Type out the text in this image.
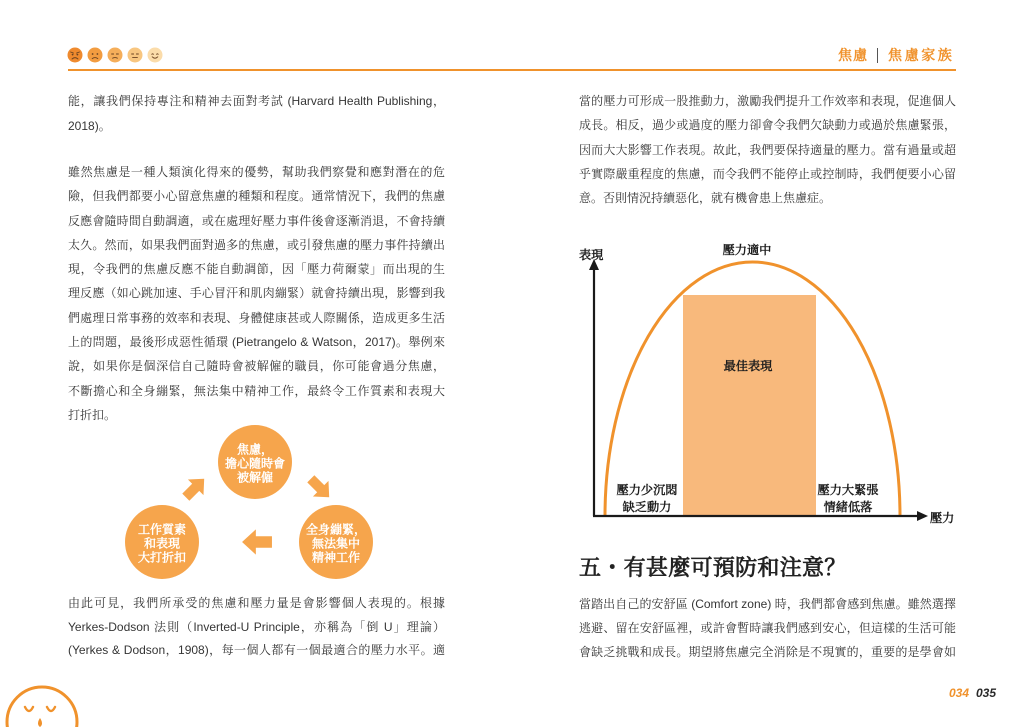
焦慮 焦慮家族
能，讓我們保持專注和精神去面對考試 (Harvard Health Publishing，
2018)。
雖然焦慮是一種人類演化得來的優勢，幫助我們察覺和應對潛在的危
險，但我們都要小心留意焦慮的種類和程度。通常情況下，我們的焦慮
反應會隨時間自動調適，或在處理好壓力事件後會逐漸消退，不會持續
太久。然而，如果我們面對過多的焦慮，或引發焦慮的壓力事件持續出
現，令我們的焦慮反應不能自動調節，因「壓力荷爾蒙」而出現的生
理反應（如心跳加速、手心冒汗和肌肉繃緊）就會持續出現，影響到我
們處理日常事務的效率和表現、身體健康甚或人際關係，造成更多生活
上的問題，最後形成惡性循環 (Pietrangelo & Watson，2017)。舉例來
說，如果你是個深信自己隨時會被解僱的職員，你可能會過分焦慮，
不斷擔心和全身繃緊，無法集中精神工作，最終令工作質素和表現大
打折扣。
焦慮，
擔心隨時會
被解僱
全身繃緊，
無法集中
精神工作
工作質素
和表現
大打折扣
由此可見，我們所承受的焦慮和壓力量是會影響個人表現的。根據
Yerkes-Dodson 法則（Inverted-U Principle，亦稱為「倒 U」理論）
(Yerkes & Dodson，1908)，每一個人都有一個最適合的壓力水平。適
034
當的壓力可形成一股推動力，激勵我們提升工作效率和表現，促進個人
成長。相反，過少或過度的壓力卻會令我們欠缺動力或過於焦慮緊張，
因而大大影響工作表現。故此，我們要保持適量的壓力。當有過量或超
乎實際嚴重程度的焦慮，而令我們不能停止或控制時，我們便要小心留
意。否則情況持續惡化，就有機會患上焦慮症。
表現	壓力適中
最佳表現
壓力少沉悶
缺乏動力
壓力大緊張
情緒低落
壓力
五・有甚麼可預防和注意？
當踏出自己的安舒區 (Comfort zone) 時，我們都會感到焦慮。雖然選擇
逃避、留在安舒區裡，或許會暫時讓我們感到安心，但這樣的生活可能
會缺乏挑戰和成長。期望將焦慮完全消除是不現實的，重要的是學會如
035
